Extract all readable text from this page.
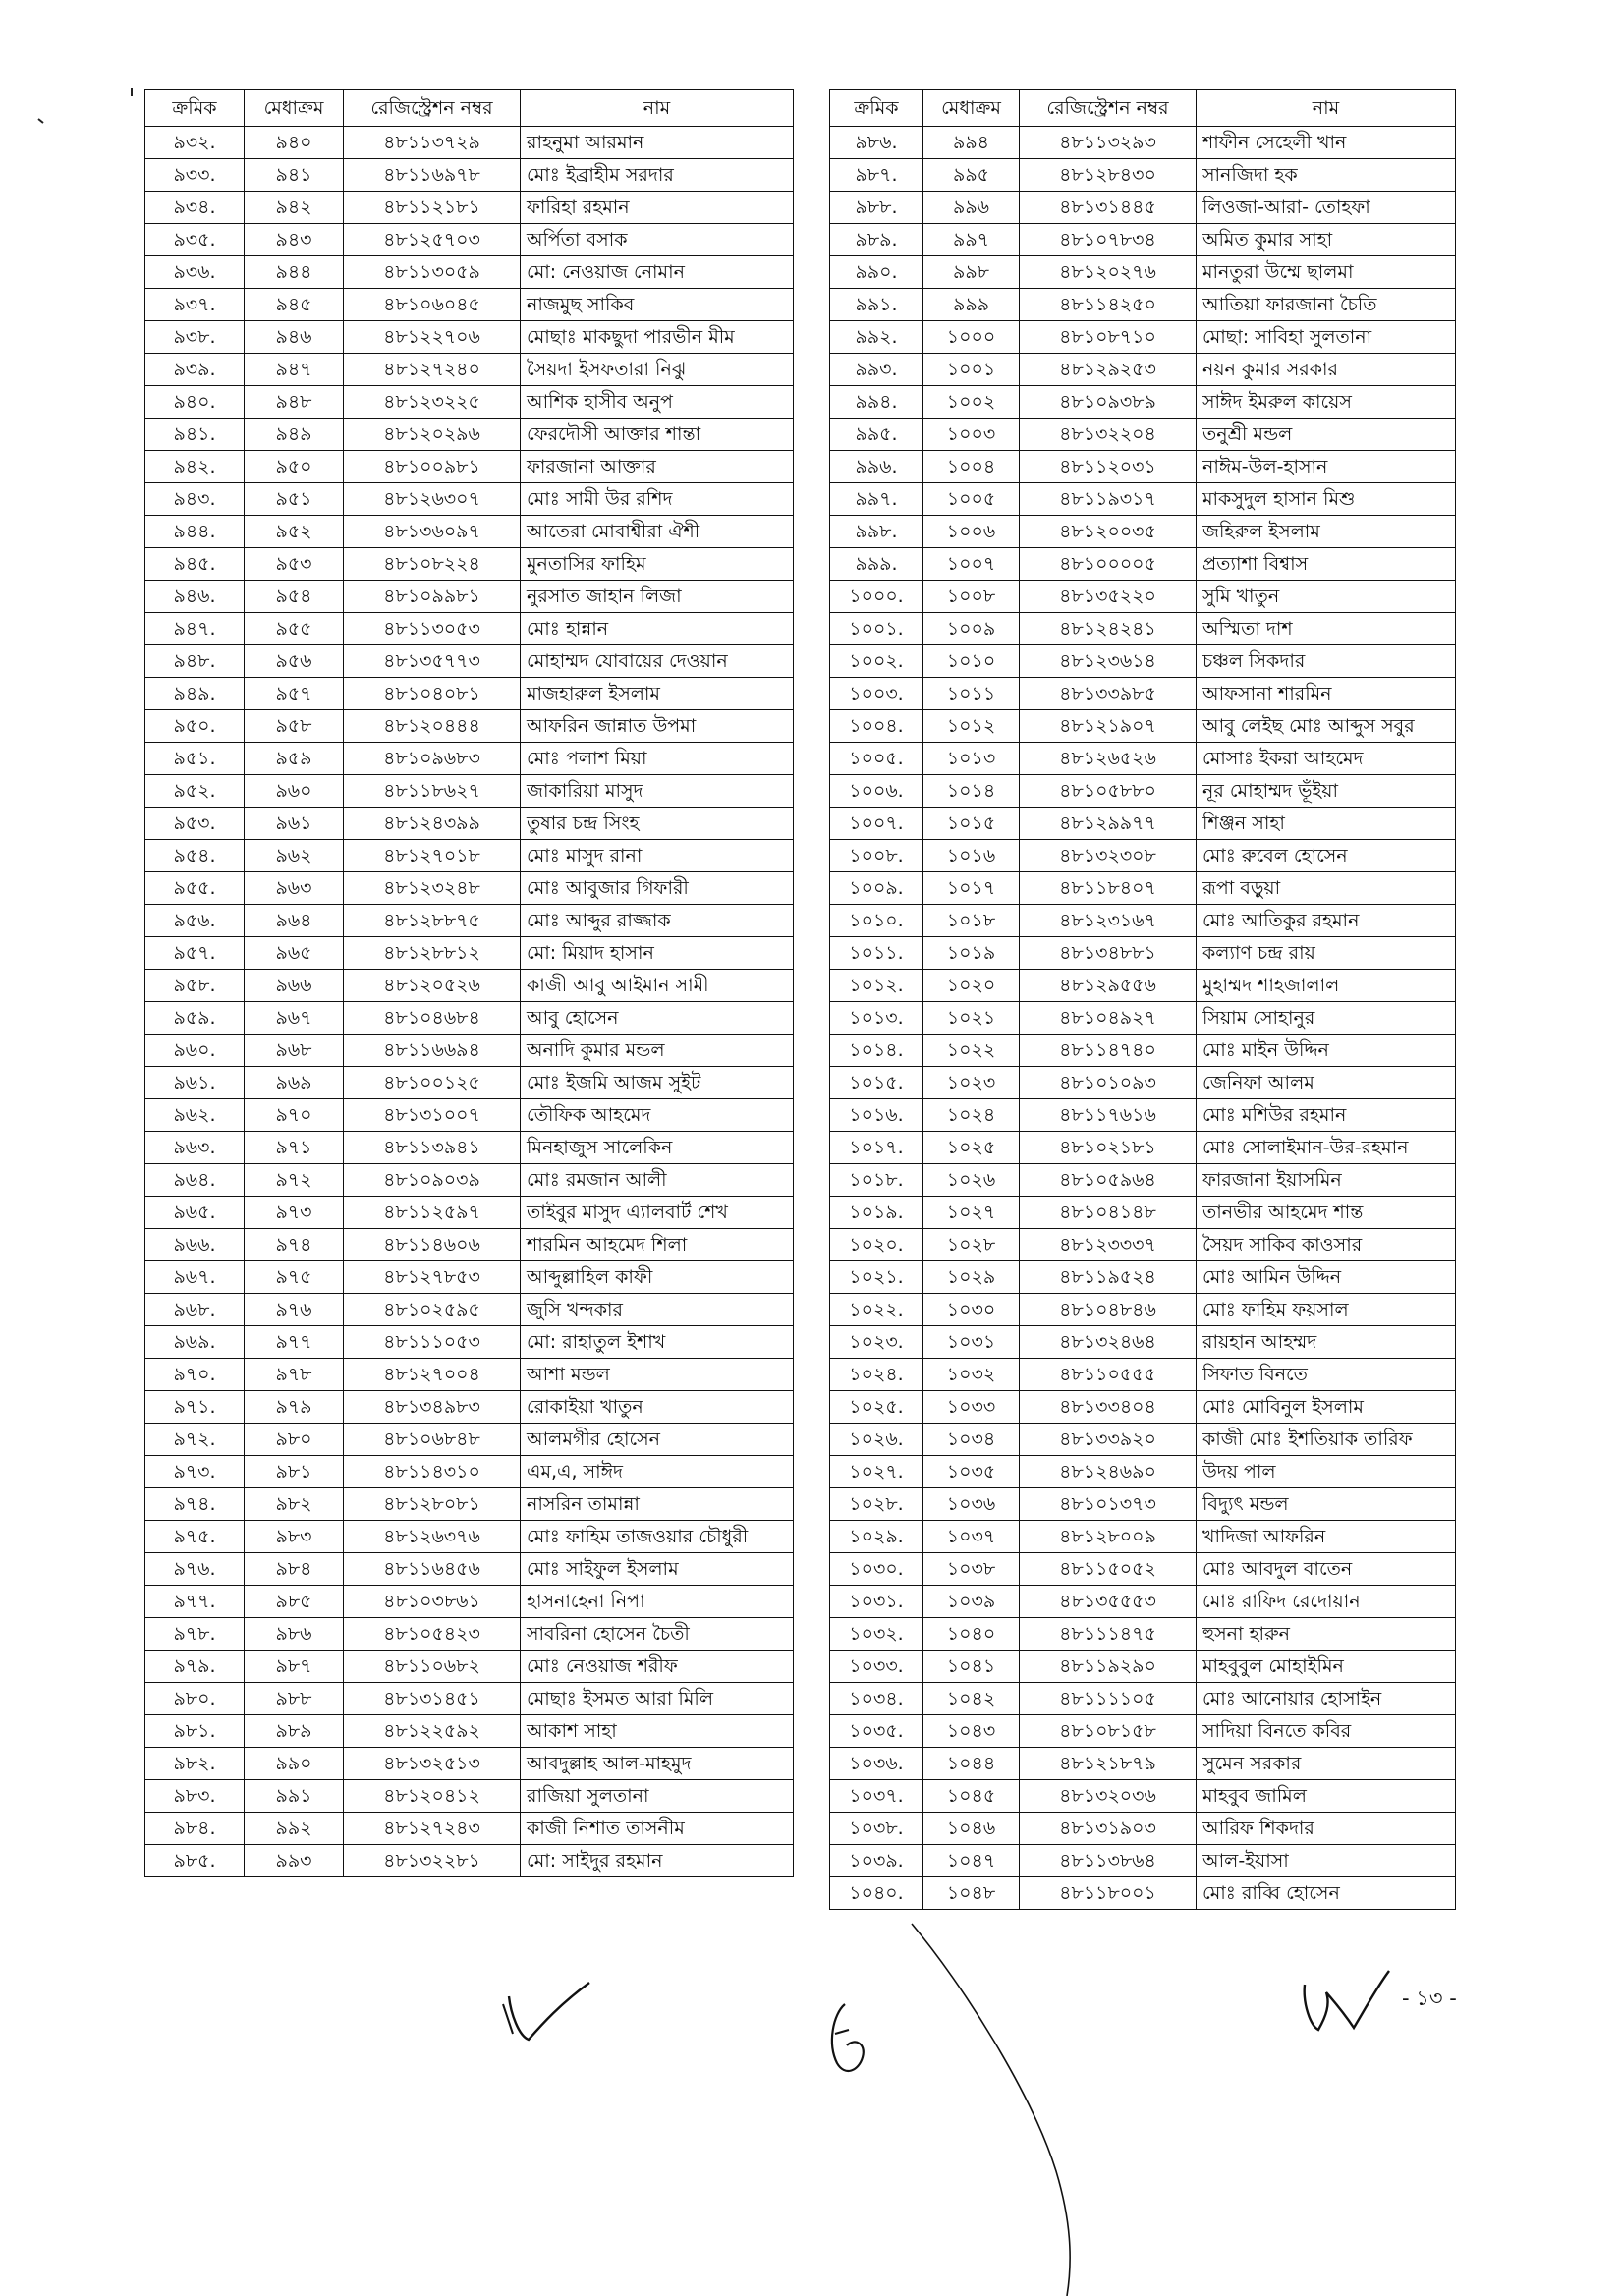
ক্রমিক	মেধাক্রম	রেজিস্ট্রেশন নম্বর	নাম
৯৩২.	৯৪০	৪৮১১৩৭২৯	রাহনুমা আরমান
৯৩৩.	৯৪১	৪৮১১৬৯৭৮	মোঃ ইব্রাহীম সরদার
৯৩৪.	৯৪২	৪৮১১২১৮১	ফারিহা রহমান
৯৩৫.	৯৪৩	৪৮১২৫৭০৩	অর্পিতা বসাক
৯৩৬.	৯৪৪	৪৮১১৩০৫৯	মো: নেওয়াজ নোমান
৯৩৭.	৯৪৫	৪৮১০৬০৪৫	নাজমুছ সাকিব
৯৩৮.	৯৪৬	৪৮১২২৭০৬	মোছাঃ মাকছুদা পারভীন মীম
৯৩৯.	৯৪৭	৪৮১২৭২৪০	সৈয়দা ইসফতারা নিঝু
৯৪০.	৯৪৮	৪৮১২৩২২৫	আশিক হাসীব অনুপ
৯৪১.	৯৪৯	৪৮১২০২৯৬	ফেরদৌসী আক্তার শান্তা
৯৪২.	৯৫০	৪৮১০০৯৮১	ফারজানা আক্তার
৯৪৩.	৯৫১	৪৮১২৬৩০৭	মোঃ সামী উর রশিদ
৯৪৪.	৯৫২	৪৮১৩৬০৯৭	আতেরা মোবাশ্বীরা ঐশী
৯৪৫.	৯৫৩	৪৮১০৮২২৪	মুনতাসির ফাহিম
৯৪৬.	৯৫৪	৪৮১০৯৯৮১	নুরসাত জাহান লিজা
৯৪৭.	৯৫৫	৪৮১১৩০৫৩	মোঃ হান্নান
৯৪৮.	৯৫৬	৪৮১৩৫৭৭৩	মোহাম্মদ যোবায়ের দেওয়ান
৯৪৯.	৯৫৭	৪৮১০৪০৮১	মাজহারুল ইসলাম
৯৫০.	৯৫৮	৪৮১২০৪৪৪	আফরিন জান্নাত উপমা
৯৫১.	৯৫৯	৪৮১০৯৬৮৩	মোঃ পলাশ মিয়া
৯৫২.	৯৬০	৪৮১১৮৬২৭	জাকারিয়া মাসুদ
৯৫৩.	৯৬১	৪৮১২৪৩৯৯	তুষার চন্দ্র সিংহ
৯৫৪.	৯৬২	৪৮১২৭০১৮	মোঃ মাসুদ রানা
৯৫৫.	৯৬৩	৪৮১২৩২৪৮	মোঃ আবুজার গিফারী
৯৫৬.	৯৬৪	৪৮১২৮৮৭৫	মোঃ আব্দুর রাজ্জাক
৯৫৭.	৯৬৫	৪৮১২৮৮১২	মো: মিয়াদ হাসান
৯৫৮.	৯৬৬	৪৮১২০৫২৬	কাজী আবু আইমান সামী
৯৫৯.	৯৬৭	৪৮১০৪৬৮৪	আবু হোসেন
৯৬০.	৯৬৮	৪৮১১৬৬৯৪	অনাদি কুমার মন্ডল
৯৬১.	৯৬৯	৪৮১০০১২৫	মোঃ ইজমি আজম সুইট
৯৬২.	৯৭০	৪৮১৩১০০৭	তৌফিক আহমেদ
৯৬৩.	৯৭১	৪৮১১৩৯৪১	মিনহাজুস সালেকিন
৯৬৪.	৯৭২	৪৮১০৯০৩৯	মোঃ রমজান আলী
৯৬৫.	৯৭৩	৪৮১১২৫৯৭	তাইবুর মাসুদ এ্যালবার্ট শেখ
৯৬৬.	৯৭৪	৪৮১১৪৬০৬	শারমিন আহমেদ শিলা
৯৬৭.	৯৭৫	৪৮১২৭৮৫৩	আব্দুল্লাহিল কাফী
৯৬৮.	৯৭৬	৪৮১০২৫৯৫	জুসি খন্দকার
৯৬৯.	৯৭৭	৪৮১১১০৫৩	মো: রাহাতুল ইশাখ
৯৭০.	৯৭৮	৪৮১২৭০০৪	আশা মন্ডল
৯৭১.	৯৭৯	৪৮১৩৪৯৮৩	রোকাইয়া খাতুন
৯৭২.	৯৮০	৪৮১০৬৮৪৮	আলমগীর হোসেন
৯৭৩.	৯৮১	৪৮১১৪৩১০	এম,এ, সাঈদ
৯৭৪.	৯৮২	৪৮১২৮০৮১	নাসরিন তামান্না
৯৭৫.	৯৮৩	৪৮১২৬৩৭৬	মোঃ ফাহিম তাজওয়ার চৌধুরী
৯৭৬.	৯৮৪	৪৮১১৬৪৫৬	মোঃ সাইফুল ইসলাম
৯৭৭.	৯৮৫	৪৮১০৩৮৬১	হাসনাহেনা নিপা
৯৭৮.	৯৮৬	৪৮১০৫৪২৩	সাবরিনা হোসেন চৈতী
৯৭৯.	৯৮৭	৪৮১১০৬৮২	মোঃ নেওয়াজ শরীফ
৯৮০.	৯৮৮	৪৮১৩১৪৫১	মোছাঃ ইসমত আরা মিলি
৯৮১.	৯৮৯	৪৮১২২৫৯২	আকাশ সাহা
৯৮২.	৯৯০	৪৮১৩২৫১৩	আবদুল্লাহ আল-মাহমুদ
৯৮৩.	৯৯১	৪৮১২০৪১২	রাজিয়া সুলতানা
৯৮৪.	৯৯২	৪৮১২৭২৪৩	কাজী নিশাত তাসনীম
৯৮৫.	৯৯৩	৪৮১৩২২৮১	মো: সাইদুর রহমান
ক্রমিক	মেধাক্রম	রেজিস্ট্রেশন নম্বর	নাম
৯৮৬.	৯৯৪	৪৮১১৩২৯৩	শাফীন সেহেলী খান
৯৮৭.	৯৯৫	৪৮১২৮৪৩০	সানজিদা হক
৯৮৮.	৯৯৬	৪৮১৩১৪৪৫	লিওজা-আরা- তোহফা
৯৮৯.	৯৯৭	৪৮১০৭৮৩৪	অমিত কুমার সাহা
৯৯০.	৯৯৮	৪৮১২০২৭৬	মানতুরা উম্মে ছালমা
৯৯১.	৯৯৯	৪৮১১৪২৫০	আতিয়া ফারজানা চৈতি
৯৯২.	১০০০	৪৮১০৮৭১০	মোছা: সাবিহা সুলতানা
৯৯৩.	১০০১	৪৮১২৯২৫৩	নয়ন কুমার সরকার
৯৯৪.	১০০২	৪৮১০৯৩৮৯	সাঈদ ইমরুল কায়েস
৯৯৫.	১০০৩	৪৮১৩২২০৪	তনুশ্রী মন্ডল
৯৯৬.	১০০৪	৪৮১১২০৩১	নাঈম-উল-হাসান
৯৯৭.	১০০৫	৪৮১১৯৩১৭	মাকসুদুল হাসান মিশু
৯৯৮.	১০০৬	৪৮১২০০৩৫	জহিরুল ইসলাম
৯৯৯.	১০০৭	৪৮১০০০০৫	প্রত্যাশা বিশ্বাস
১০০০.	১০০৮	৪৮১৩৫২২০	সুমি খাতুন
১০০১.	১০০৯	৪৮১২৪২৪১	অস্মিতা দাশ
১০০২.	১০১০	৪৮১২৩৬১৪	চঞ্চল সিকদার
১০০৩.	১০১১	৪৮১৩৩৯৮৫	আফসানা শারমিন
১০০৪.	১০১২	৪৮১২১৯০৭	আবু লেইছ মোঃ আব্দুস সবুর
১০০৫.	১০১৩	৪৮১২৬৫২৬	মোসাঃ ইকরা আহমেদ
১০০৬.	১০১৪	৪৮১০৫৮৮০	নূর মোহাম্মদ ভূঁইয়া
১০০৭.	১০১৫	৪৮১২৯৯৭৭	শিঞ্জন সাহা
১০০৮.	১০১৬	৪৮১৩২৩০৮	মোঃ রুবেল হোসেন
১০০৯.	১০১৭	৪৮১১৮৪০৭	রূপা বড়ুয়া
১০১০.	১০১৮	৪৮১২৩১৬৭	মোঃ আতিকুর রহমান
১০১১.	১০১৯	৪৮১৩৪৮৮১	কল্যাণ চন্দ্র রায়
১০১২.	১০২০	৪৮১২৯৫৫৬	মুহাম্মদ শাহজালাল
১০১৩.	১০২১	৪৮১০৪৯২৭	সিয়াম সোহানুর
১০১৪.	১০২২	৪৮১১৪৭৪০	মোঃ মাইন উদ্দিন
১০১৫.	১০২৩	৪৮১০১০৯৩	জেনিফা আলম
১০১৬.	১০২৪	৪৮১১৭৬১৬	মোঃ মশিউর রহমান
১০১৭.	১০২৫	৪৮১০২১৮১	মোঃ সোলাইমান-উর-রহমান
১০১৮.	১০২৬	৪৮১০৫৯৬৪	ফারজানা ইয়াসমিন
১০১৯.	১০২৭	৪৮১০৪১৪৮	তানভীর আহমেদ শান্ত
১০২০.	১০২৮	৪৮১২৩৩৩৭	সৈয়দ সাকিব কাওসার
১০২১.	১০২৯	৪৮১১৯৫২৪	মোঃ আমিন উদ্দিন
১০২২.	১০৩০	৪৮১০৪৮৪৬	মোঃ ফাহিম ফয়সাল
১০২৩.	১০৩১	৪৮১৩২৪৬৪	রায়হান আহম্মদ
১০২৪.	১০৩২	৪৮১১০৫৫৫	সিফাত বিনতে
১০২৫.	১০৩৩	৪৮১৩৩৪০৪	মোঃ মোবিনুল ইসলাম
১০২৬.	১০৩৪	৪৮১৩৩৯২০	কাজী মোঃ ইশতিয়াক তারিফ
১০২৭.	১০৩৫	৪৮১২৪৬৯০	উদয় পাল
১০২৮.	১০৩৬	৪৮১০১৩৭৩	বিদ্যুৎ মন্ডল
১০২৯.	১০৩৭	৪৮১২৮০০৯	খাদিজা আফরিন
১০৩০.	১০৩৮	৪৮১১৫০৫২	মোঃ আবদুল বাতেন
১০৩১.	১০৩৯	৪৮১৩৫৫৫৩	মোঃ রাফিদ রেদোয়ান
১০৩২.	১০৪০	৪৮১১১৪৭৫	হুসনা হারুন
১০৩৩.	১০৪১	৪৮১১৯২৯০	মাহবুবুল মোহাইমিন
১০৩৪.	১০৪২	৪৮১১১১০৫	মোঃ আনোয়ার হোসাইন
১০৩৫.	১০৪৩	৪৮১০৮১৫৮	সাদিয়া বিনতে কবির
১০৩৬.	১০৪৪	৪৮১২১৮৭৯	সুমেন সরকার
১০৩৭.	১০৪৫	৪৮১৩২০৩৬	মাহবুব জামিল
১০৩৮.	১০৪৬	৪৮১৩১৯০৩	আরিফ শিকদার
১০৩৯.	১০৪৭	৪৮১১৩৮৬৪	আল-ইয়াসা
১০৪০.	১০৪৮	৪৮১১৮০০১	মোঃ রাব্বি হোসেন
- ১৩ -
